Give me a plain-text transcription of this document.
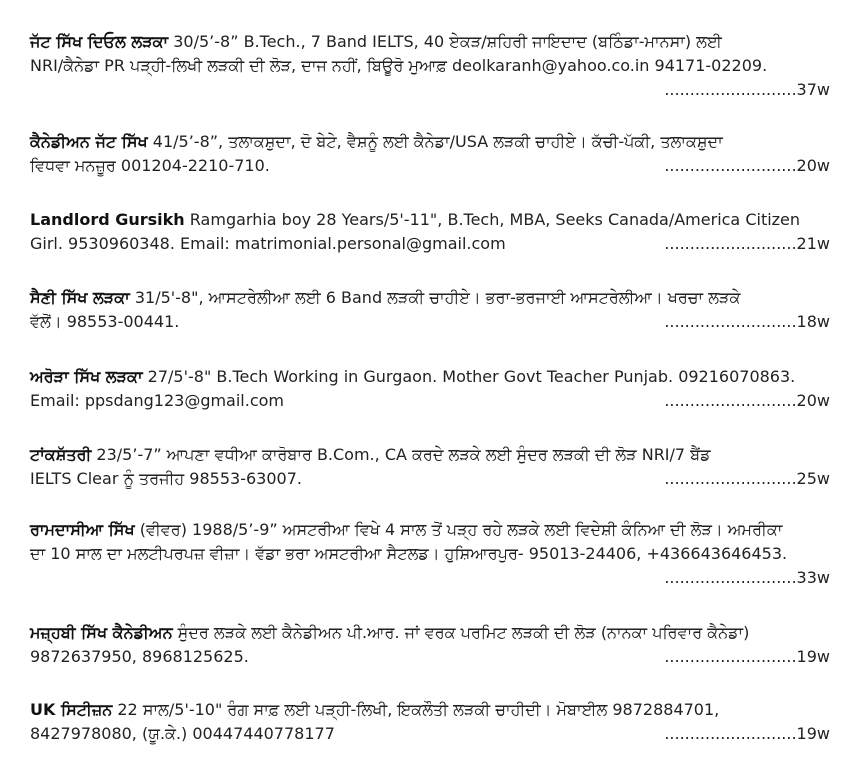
ਜੱਟ ਸਿੱਖ ਦਿਓਲ ਲੜਕਾ 30/5’-8” B.Tech., 7 Band IELTS, 40 ਏਕੜ/ਸ਼ਹਿਰੀ ਜਾਇਦਾਦ (ਬਠਿੰਡਾ-ਮਾਨਸਾ) ਲਈ
NRI/ਕੈਨੇਡਾ PR ਪੜ੍ਹੀ-ਲਿਖੀ ਲੜਕੀ ਦੀ ਲੋੜ, ਦਾਜ ਨਹੀਂ, ਬਿਊਰੋ ਮੁਆਫ਼ deolkaranh@yahoo.co.in 94171-02209.
..........................37w
ਕੈਨੇਡੀਅਨ ਜੱਟ ਸਿੱਖ 41/5’-8”, ਤਲਾਕਸ਼ੁਦਾ, ਦੋ ਬੇਟੇ, ਵੈਸ਼ਨੂੰ ਲਈ ਕੈਨੇਡਾ/USA ਲੜਕੀ ਚਾਹੀਏ। ਕੱਚੀ-ਪੱਕੀ, ਤਲਾਕਸ਼ੁਦਾ
ਵਿਧਵਾ ਮਨਜ਼ੂਰ 001204-2210-710.	..........................20w
Landlord Gursikh Ramgarhia boy 28 Years/5'-11", B.Tech, MBA, Seeks Canada/America Citizen
Girl. 9530960348. Email: matrimonial.personal@gmail.com	..........................21w
ਸੈਣੀ ਸਿੱਖ ਲੜਕਾ 31/5'-8", ਆਸਟਰੇਲੀਆ ਲਈ 6 Band ਲੜਕੀ ਚਾਹੀਏ। ਭਰਾ-ਭਰਜਾਈ ਆਸਟਰੇਲੀਆ। ਖਰਚਾ ਲੜਕੇ
ਵੱਲੋਂ। 98553-00441.	..........................18w
ਅਰੋੜਾ ਸਿੱਖ ਲੜਕਾ 27/5'-8" B.Tech Working in Gurgaon. Mother Govt Teacher Punjab. 09216070863.
Email: ppsdang123@gmail.com	..........................20w
ਟਾਂਕਸ਼ੱਤਰੀ 23/5’-7” ਆਪਣਾ ਵਧੀਆ ਕਾਰੋਬਾਰ B.Com., CA ਕਰਦੇ ਲੜਕੇ ਲਈ ਸੁੰਦਰ ਲੜਕੀ ਦੀ ਲੋੜ NRI/7 ਬੈਂਡ
IELTS Clear ਨੂੰ ਤਰਜੀਹ 98553-63007.	..........................25w
ਰਾਮਦਾਸੀਆ ਸਿੱਖ (ਵੀਵਰ) 1988/5’-9” ਅਸਟਰੀਆ ਵਿਖੇ 4 ਸਾਲ ਤੋਂ ਪੜ੍ਹ ਰਹੇ ਲੜਕੇ ਲਈ ਵਿਦੇਸ਼ੀ ਕੰਨਿਆ ਦੀ ਲੋੜ। ਅਮਰੀਕਾ
ਦਾ 10 ਸਾਲ ਦਾ ਮਲਟੀਪਰਪਜ਼ ਵੀਜ਼ਾ। ਵੱਡਾ ਭਰਾ ਅਸਟਰੀਆ ਸੈਟਲਡ। ਹੁਸ਼ਿਆਰਪੁਰ- 95013-24406, +436643646453.
..........................33w
ਮਜ਼੍ਹਬੀ ਸਿੱਖ ਕੈਨੇਡੀਅਨ ਸੁੰਦਰ ਲੜਕੇ ਲਈ ਕੈਨੇਡੀਅਨ ਪੀ.ਆਰ. ਜਾਂ ਵਰਕ ਪਰਮਿਟ ਲੜਕੀ ਦੀ ਲੋੜ (ਨਾਨਕਾ ਪਰਿਵਾਰ ਕੈਨੇਡਾ)
9872637950, 8968125625.	..........................19w
UK ਸਿਟੀਜ਼ਨ 22 ਸਾਲ/5'-10" ਰੰਗ ਸਾਫ਼ ਲਈ ਪੜ੍ਹੀ-ਲਿਖੀ, ਇਕਲੌਤੀ ਲੜਕੀ ਚਾਹੀਦੀ। ਮੋਬਾਈਲ 9872884701,
8427978080, (ਯੂ.ਕੇ.) 00447440778177	..........................19w
